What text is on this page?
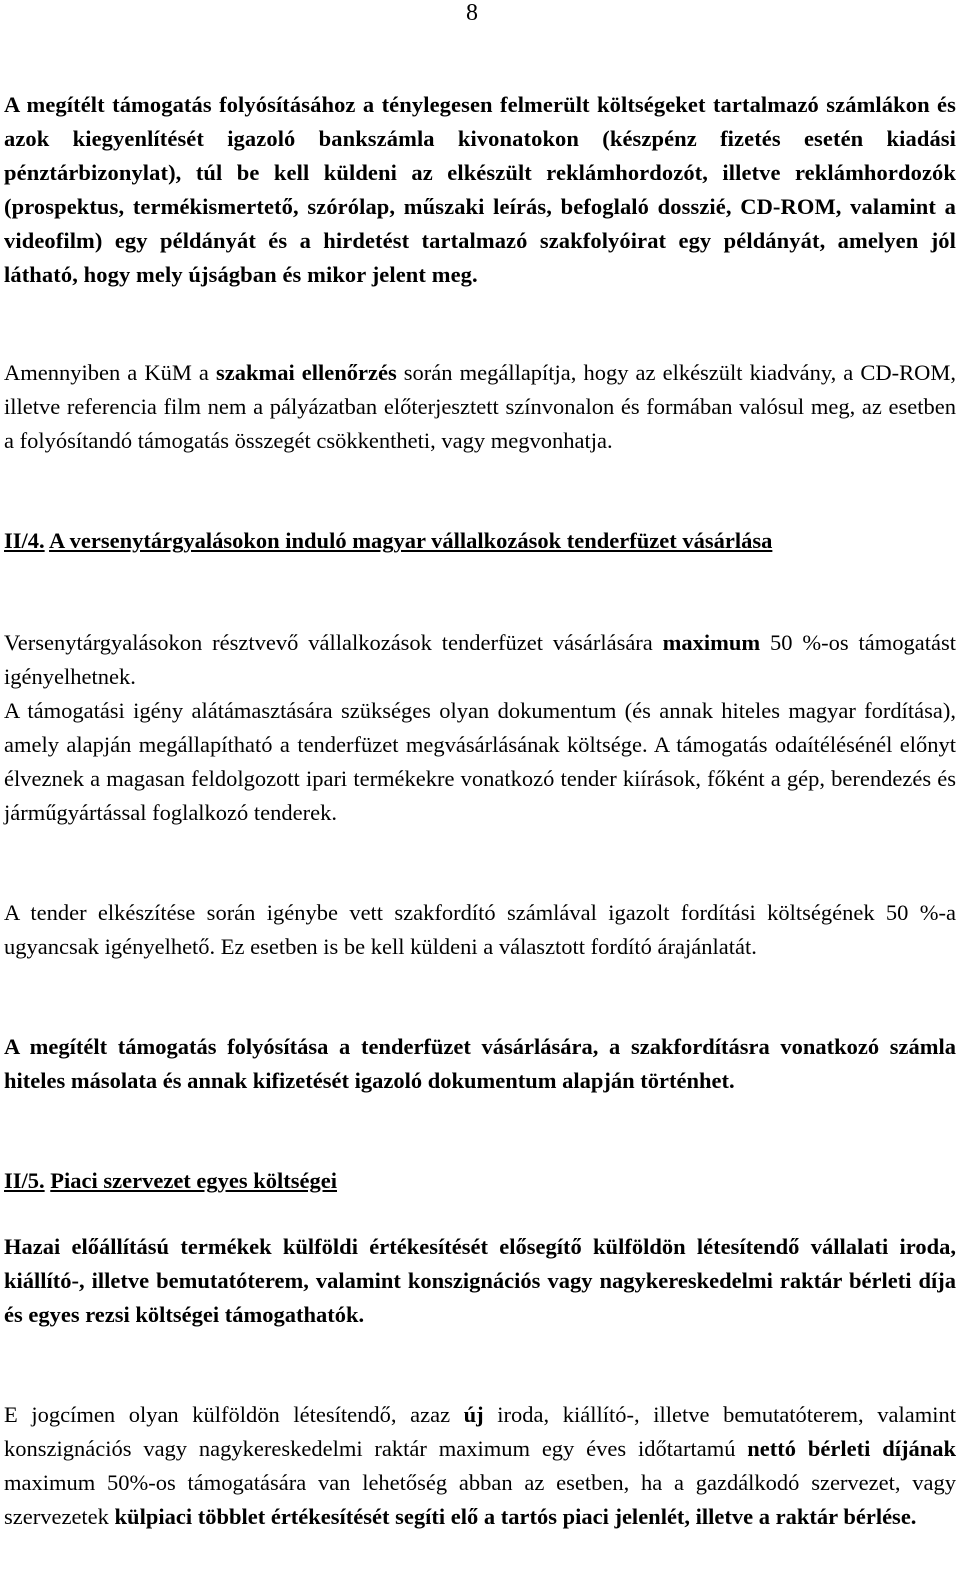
8

A megítélt támogatás folyósításához a ténylegesen felmerült költségeket tartalmazó számlákon és azok kiegyenlítését igazoló bankszámla kivonatokon (készpénz fizetés esetén kiadási pénztárbizonylat), túl be kell küldeni az elkészült reklámhordozót, illetve reklámhordozók (prospektus, termékismertető, szórólap, műszaki leírás, befoglaló dosszié, CD-ROM, valamint a videofilm) egy példányát és a hirdetést tartalmazó szakfolyóirat egy példányát, amelyen jól látható, hogy mely újságban és mikor jelent meg.

Amennyiben a KüM a szakmai ellenőrzés során megállapítja, hogy az elkészült kiadvány, a CD-ROM, illetve referencia film nem a pályázatban előterjesztett színvonalon és formában valósul meg, az esetben a folyósítandó támogatás összegét csökkentheti, vagy megvonhatja.

II/4. A versenytárgyalásokon induló magyar vállalkozások tenderfüzet vásárlása

Versenytárgyalásokon résztvevő vállalkozások tenderfüzet vásárlására maximum 50 %-os támogatást igényelhetnek.
A támogatási igény alátámasztására szükséges olyan dokumentum (és annak hiteles magyar fordítása), amely alapján megállapítható a tenderfüzet megvásárlásának költsége. A támogatás odaítélésénél előnyt élveznek a magasan feldolgozott ipari termékekre vonatkozó tender kiírások, főként a gép, berendezés és járműgyártással foglalkozó tenderek.

A tender elkészítése során igénybe vett szakfordító számlával igazolt fordítási költségének 50 %-a ugyancsak igényelhető. Ez esetben is be kell küldeni a választott fordító árajánlatát.

A megítélt támogatás folyósítása a tenderfüzet vásárlására, a szakfordításra vonatkozó számla hiteles másolata és annak kifizetését igazoló dokumentum alapján történhet.

II/5. Piaci szervezet egyes költségei

Hazai előállítású termékek külföldi értékesítését elősegítő külföldön létesítendő vállalati iroda, kiállító-, illetve bemutatóterem, valamint konszignációs vagy nagykereskedelmi raktár bérleti díja és egyes rezsi költségei támogathatók.

E jogcímen olyan külföldön létesítendő, azaz új iroda, kiállító-, illetve bemutatóterem, valamint konszignációs vagy nagykereskedelmi raktár maximum egy éves időtartamú nettó bérleti díjának maximum 50%-os támogatására van lehetőség abban az esetben, ha a gazdálkodó szervezet, vagy szervezetek külpiaci többlet értékesítését segíti elő a tartós piaci jelenlét, illetve a raktár bérlése.
